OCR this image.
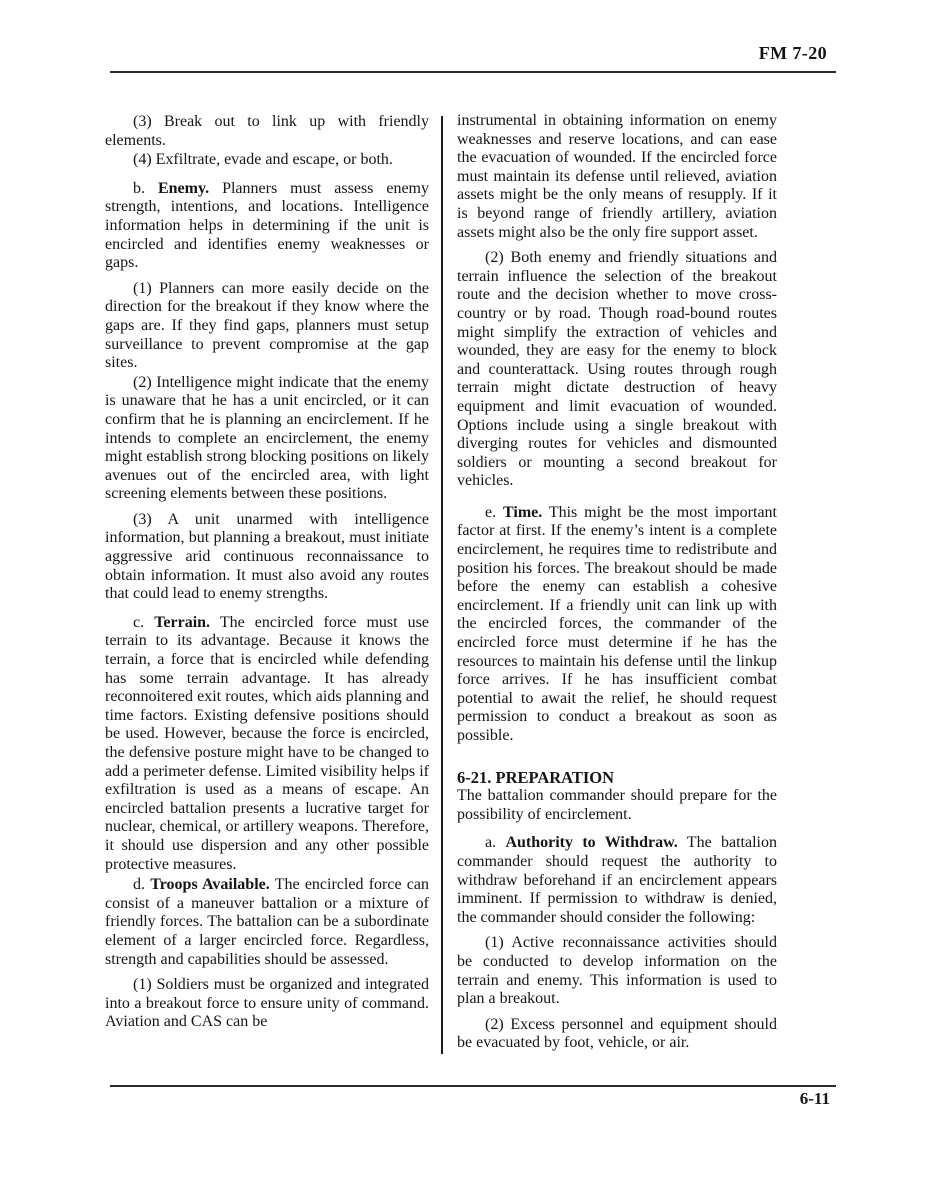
FM 7-20

(3) Break out to link up with friendly elements.

(4) Exfiltrate, evade and escape, or both.

b. Enemy. Planners must assess enemy strength, intentions, and locations. Intelligence information helps in determining if the unit is encircled and identifies enemy weaknesses or gaps.

(1) Planners can more easily decide on the direction for the breakout if they know where the gaps are. If they find gaps, planners must setup surveillance to prevent compromise at the gap sites.

(2) Intelligence might indicate that the enemy is unaware that he has a unit encircled, or it can confirm that he is planning an encirclement. If he intends to complete an encirclement, the enemy might establish strong blocking positions on likely avenues out of the encircled area, with light screening elements between these positions.

(3) A unit unarmed with intelligence information, but planning a breakout, must initiate aggressive arid continuous reconnaissance to obtain information. It must also avoid any routes that could lead to enemy strengths.

c. Terrain. The encircled force must use terrain to its advantage. Because it knows the terrain, a force that is encircled while defending has some terrain advantage. It has already reconnoitered exit routes, which aids planning and time factors. Existing defensive positions should be used. However, because the force is encircled, the defensive posture might have to be changed to add a perimeter defense. Limited visibility helps if exfiltration is used as a means of escape. An encircled battalion presents a lucrative target for nuclear, chemical, or artillery weapons. Therefore, it should use dispersion and any other possible protective measures.

d. Troops Available. The encircled force can consist of a maneuver battalion or a mixture of friendly forces. The battalion can be a subordinate element of a larger encircled force. Regardless, strength and capabilities should be assessed.

(1) Soldiers must be organized and integrated into a breakout force to ensure unity of command. Aviation and CAS can be

instrumental in obtaining information on enemy weaknesses and reserve locations, and can ease the evacuation of wounded. If the encircled force must maintain its defense until relieved, aviation assets might be the only means of resupply. If it is beyond range of friendly artillery, aviation assets might also be the only fire support asset.

(2) Both enemy and friendly situations and terrain influence the selection of the breakout route and the decision whether to move cross-country or by road. Though road-bound routes might simplify the extraction of vehicles and wounded, they are easy for the enemy to block and counterattack. Using routes through rough terrain might dictate destruction of heavy equipment and limit evacuation of wounded. Options include using a single breakout with diverging routes for vehicles and dismounted soldiers or mounting a second breakout for vehicles.

e. Time. This might be the most important factor at first. If the enemy’s intent is a complete encirclement, he requires time to redistribute and position his forces. The breakout should be made before the enemy can establish a cohesive encirclement. If a friendly unit can link up with the encircled forces, the commander of the encircled force must determine if he has the resources to maintain his defense until the linkup force arrives. If he has insufficient combat potential to await the relief, he should request permission to conduct a breakout as soon as possible.

6-21. PREPARATION

The battalion commander should prepare for the possibility of encirclement.

a. Authority to Withdraw. The battalion commander should request the authority to withdraw beforehand if an encirclement appears imminent. If permission to withdraw is denied, the commander should consider the following:

(1) Active reconnaissance activities should be conducted to develop information on the terrain and enemy. This information is used to plan a breakout.

(2) Excess personnel and equipment should be evacuated by foot, vehicle, or air.

6-11
